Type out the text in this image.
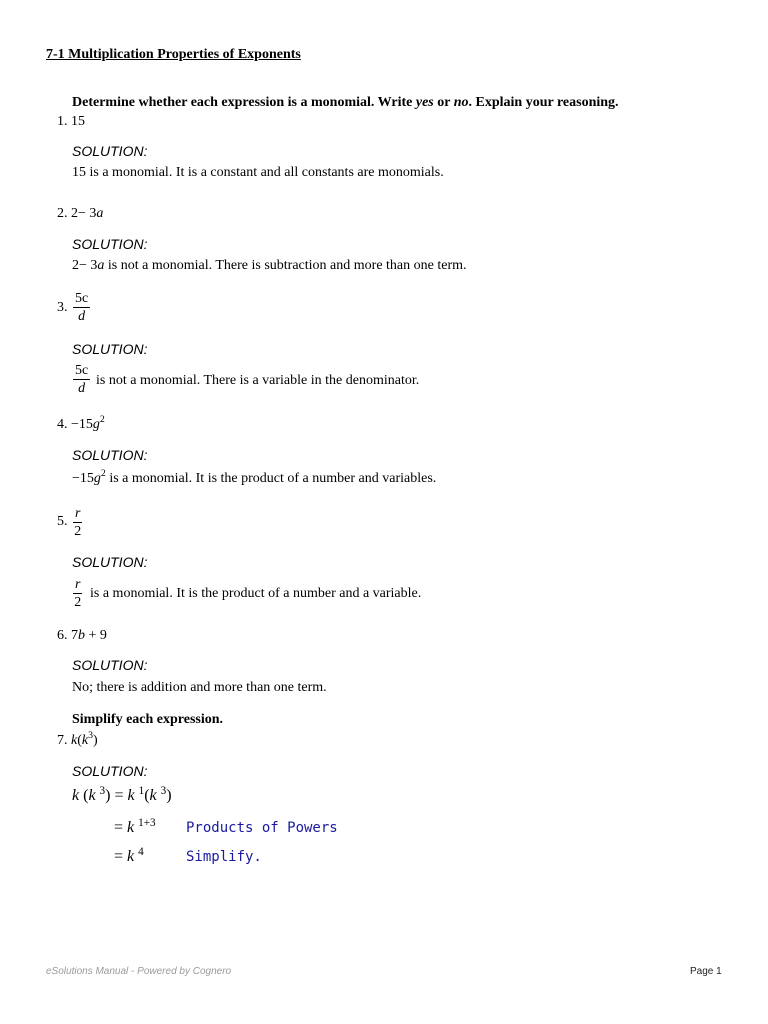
7-1 Multiplication Properties of Exponents
Determine whether each expression is a monomial. Write yes or no. Explain your reasoning.
1. 15
SOLUTION:
15 is a monomial. It is a constant and all constants are monomials.
2. 2− 3a
SOLUTION:
2− 3a is not a monomial. There is subtraction and more than one term.
3. $\frac{5c}{d}$
SOLUTION:
$\frac{5c}{d}$ is not a monomial. There is a variable in the denominator.
4. $-15g^2$
SOLUTION:
$-15g^2$ is a monomial. It is the product of a number and variables.
5. $\frac{r}{2}$
SOLUTION:
$\frac{r}{2}$ is a monomial. It is the product of a number and a variable.
6. 7b + 9
SOLUTION:
No; there is addition and more than one term.
Simplify each expression.
7. $k(k^3)$
SOLUTION:
k (k $^3$) = k $^1$(k $^3$)
= k $^{1+3}$ Products of Powers
= k $^4$	Simplify.
eSolutions Manual - Powered by Cognero	Page 1
